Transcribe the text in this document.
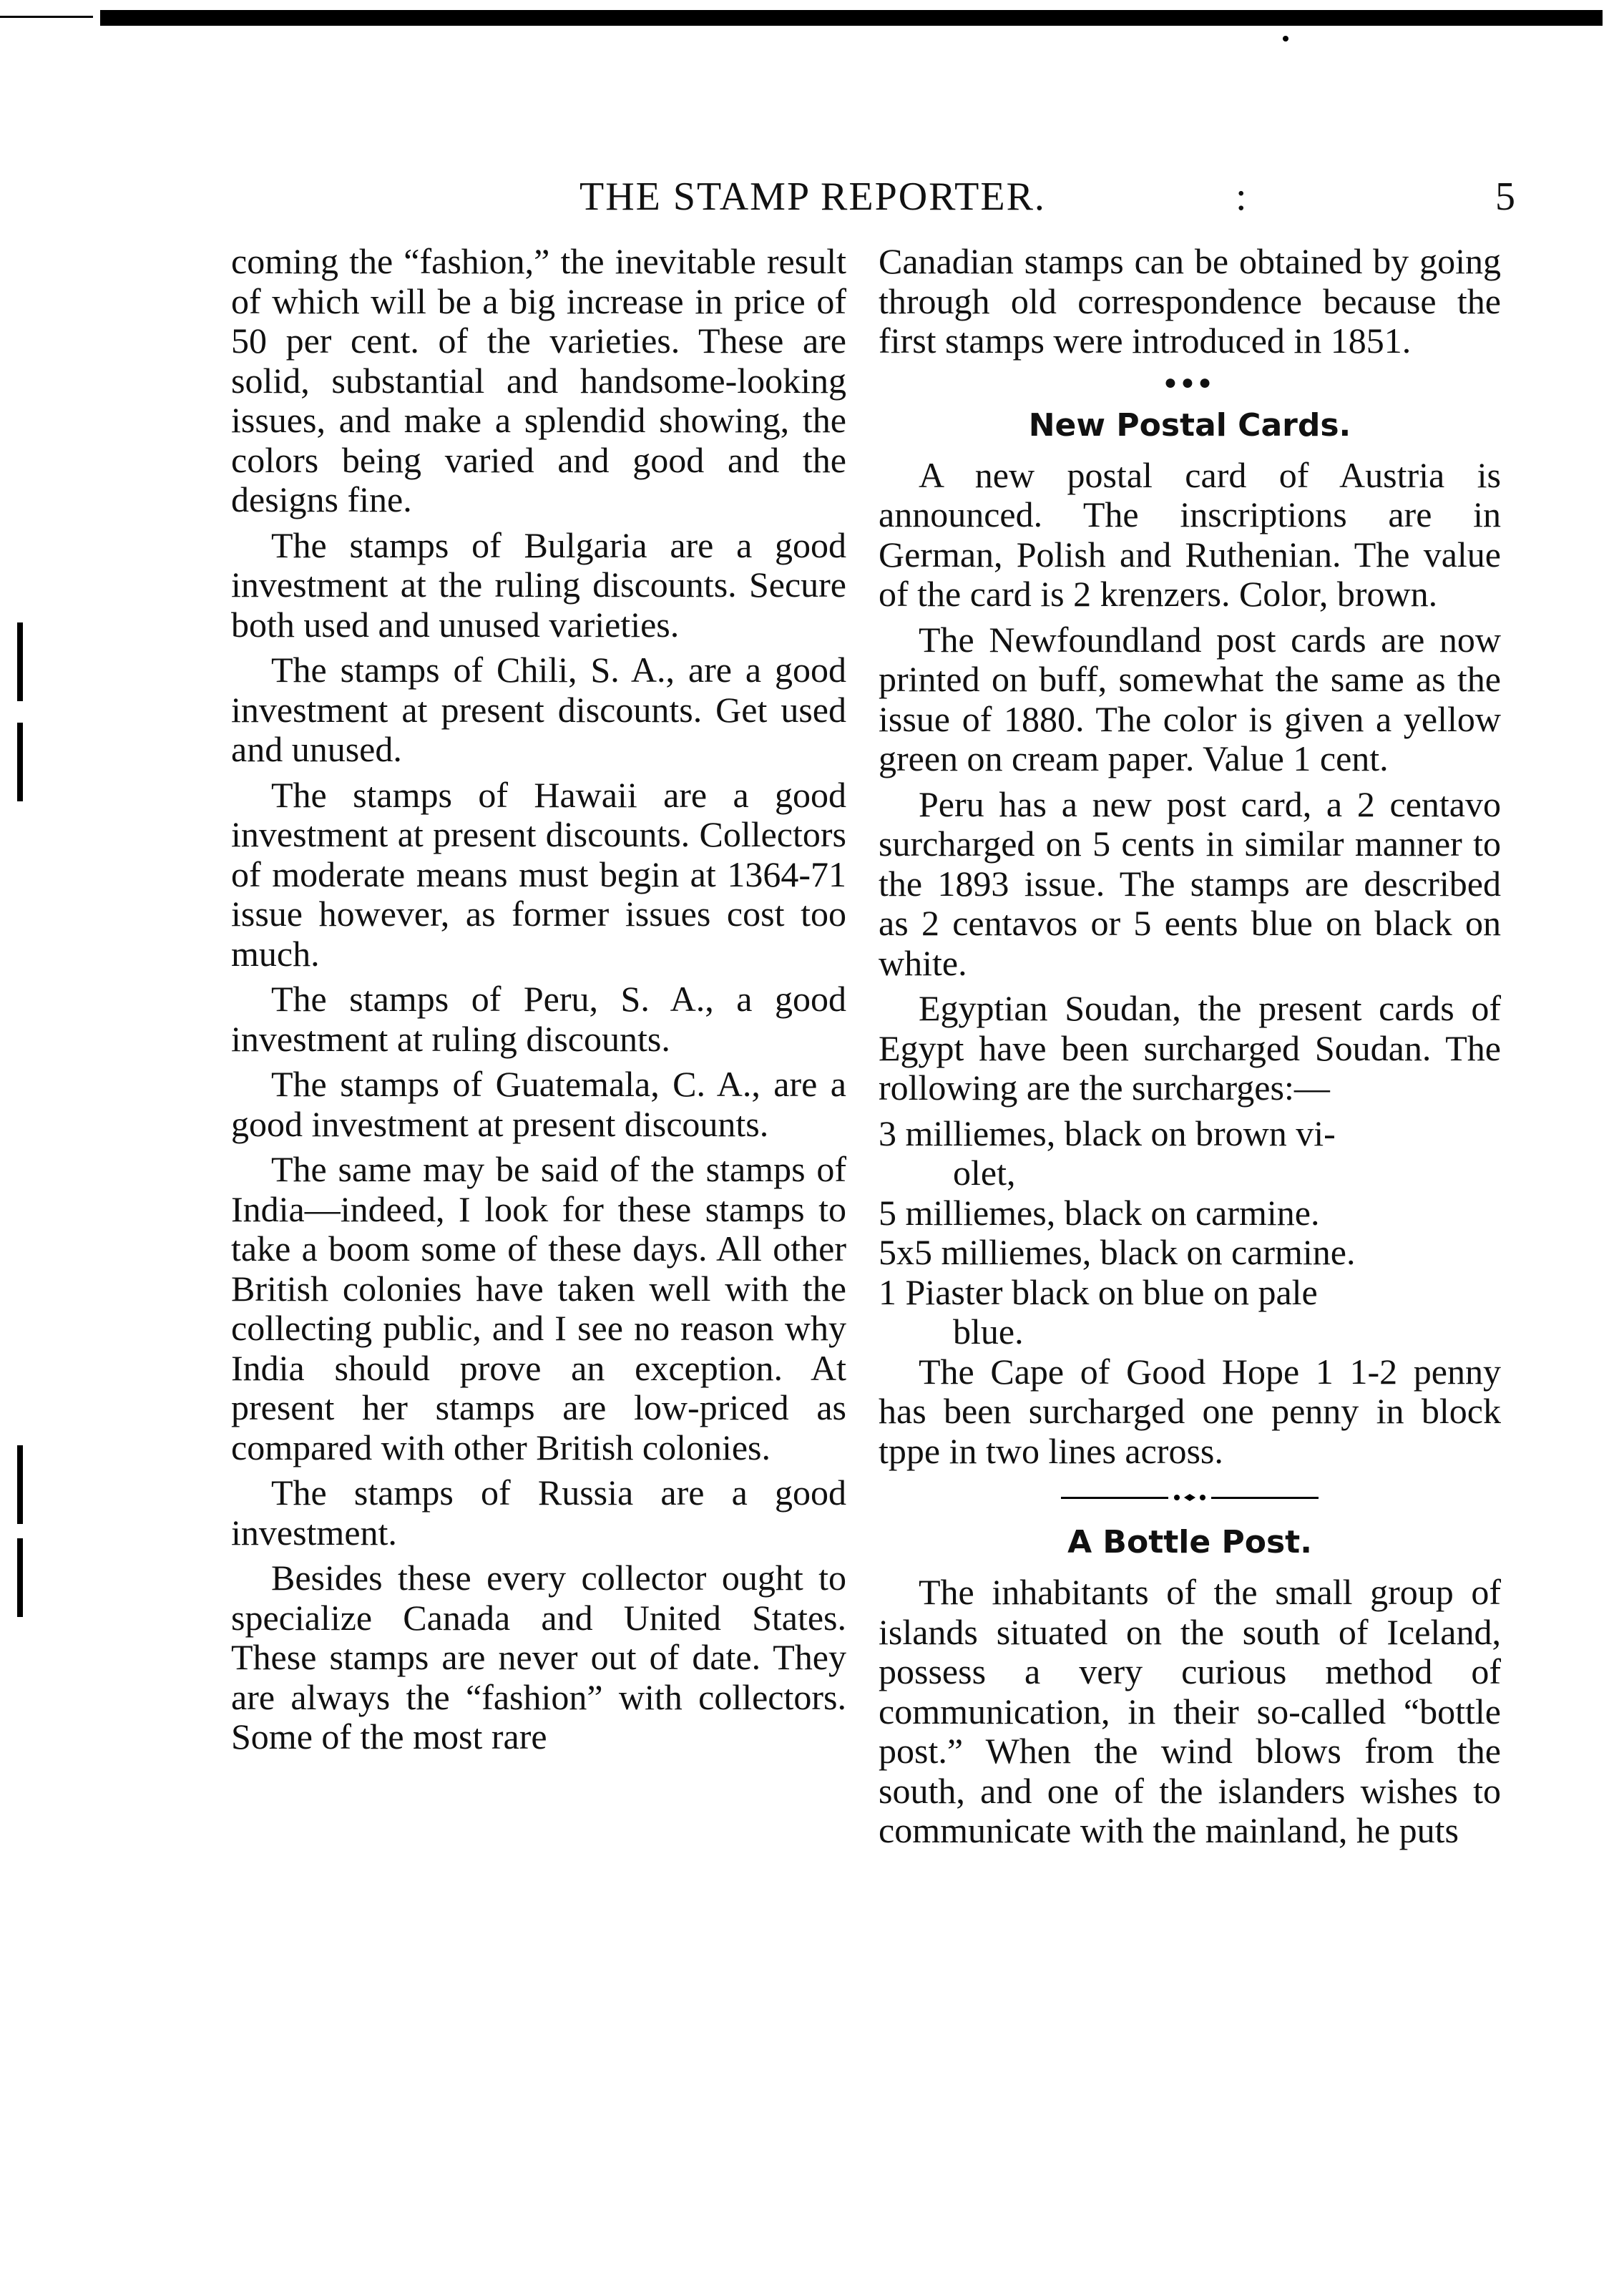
THE STAMP REPORTER.	:	5

coming the “fashion,” the inevitable result of which will be a big increase in price of 50 per cent. of the varieties. These are solid, substantial and handsome-looking issues, and make a splendid showing, the colors being varied and good and the designs fine.

The stamps of Bulgaria are a good investment at the ruling discounts. Secure both used and unused varieties.

The stamps of Chili, S. A., are a good investment at present discounts. Get used and unused.

The stamps of Hawaii are a good investment at present discounts. Collectors of moderate means must begin at 1364-71 issue however, as former issues cost too much.

The stamps of Peru, S. A., a good investment at ruling discounts.

The stamps of Guatemala, C. A., are a good investment at present discounts.

The same may be said of the stamps of India—indeed, I look for these stamps to take a boom some of these days. All other British colonies have taken well with the collecting public, and I see no reason why India should prove an exception. At present her stamps are low-priced as compared with other British colonies.

The stamps of Russia are a good investment.

Besides these every collector ought to specialize Canada and United States. These stamps are never out of date. They are always the “fashion” with collectors. Some of the most rare

Canadian stamps can be obtained by going through old correspondence because the first stamps were introduced in 1851.

●●●
New Postal Cards.

A new postal card of Austria is announced. The inscriptions are in German, Polish and Ruthenian. The value of the card is 2 krenzers. Color, brown.

The Newfoundland post cards are now printed on buff, somewhat the same as the issue of 1880. The color is given a yellow green on cream paper. Value 1 cent.

Peru has a new post card, a 2 centavo surcharged on 5 cents in similar manner to the 1893 issue. The stamps are described as 2 centavos or 5 eents blue on black on white.

Egyptian Soudan, the present cards of Egypt have been surcharged Soudan. The rollowing are the surcharges:—

3 milliemes, black on brown vi-
olet,

5 milliemes, black on carmine.

5x5 milliemes, black on carmine.

1 Piaster black on blue on pale
blue.

The Cape of Good Hope 1 1-2 penny has been surcharged one penny in block tppe in two lines across.

A Bottle Post.

The inhabitants of the small group of islands situated on the south of Iceland, possess a very curious method of communication, in their so-called “bottle post.” When the wind blows from the south, and one of the islanders wishes to communicate with the mainland, he puts
